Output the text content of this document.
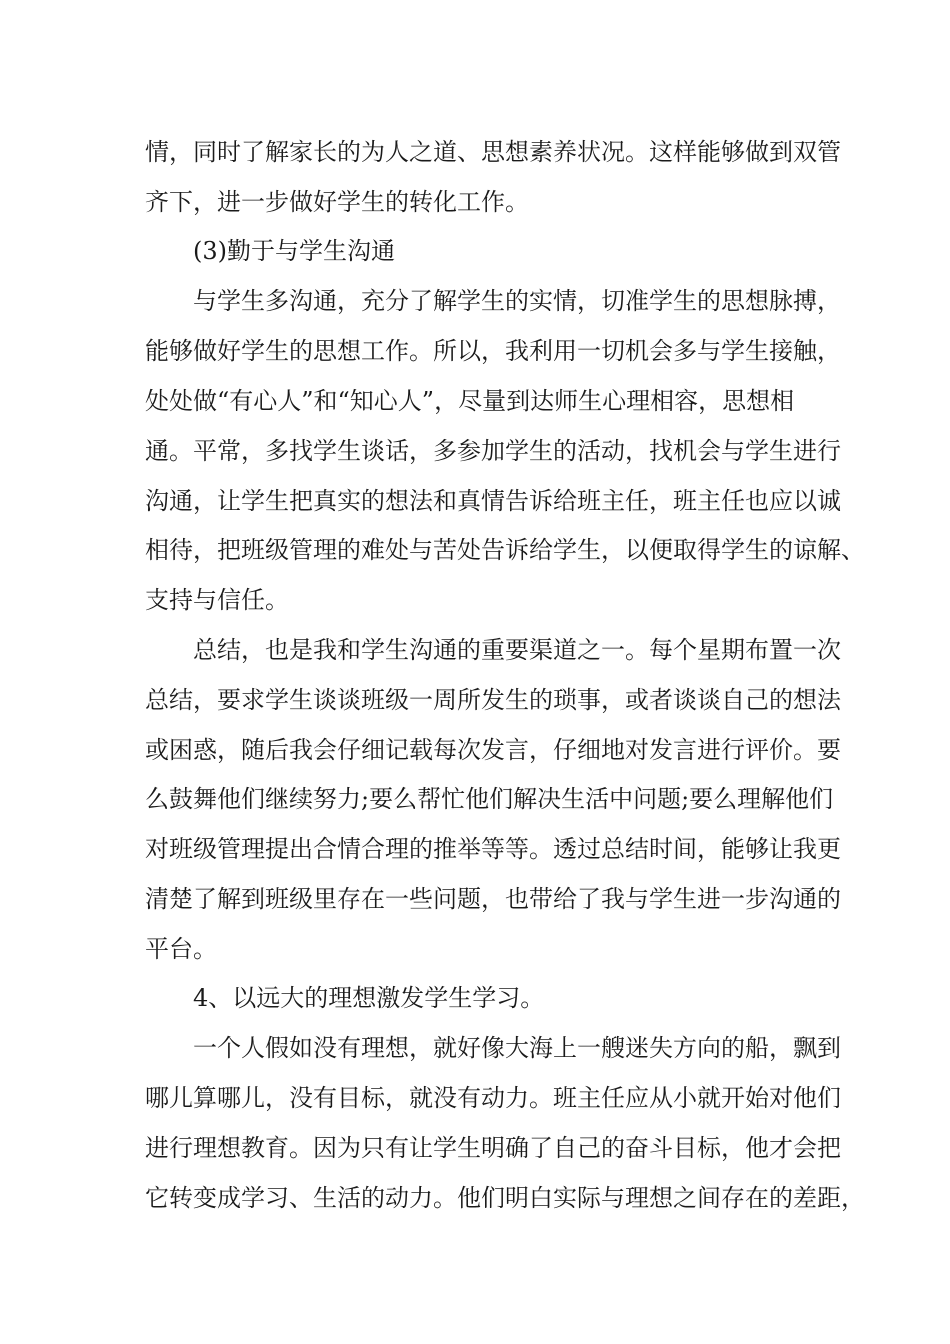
情，同时了解家长的为人之道、思想素养状况。这样能够做到双管
齐下，进一步做好学生的转化工作。
(3)勤于与学生沟通
与学生多沟通，充分了解学生的实情，切准学生的思想脉搏，
能够做好学生的思想工作。所以，我利用一切机会多与学生接触，
处处做“有心人”和“知心人”，尽量到达师生心理相容，思想相
通。平常，多找学生谈话，多参加学生的活动，找机会与学生进行
沟通，让学生把真实的想法和真情告诉给班主任，班主任也应以诚
相待，把班级管理的难处与苦处告诉给学生，以便取得学生的谅解、
支持与信任。
总结，也是我和学生沟通的重要渠道之一。每个星期布置一次
总结，要求学生谈谈班级一周所发生的琐事，或者谈谈自己的想法
或困惑，随后我会仔细记载每次发言，仔细地对发言进行评价。要
么鼓舞他们继续努力;要么帮忙他们解决生活中问题;要么理解他们
对班级管理提出合情合理的推举等等。透过总结时间，能够让我更
清楚了解到班级里存在一些问题，也带给了我与学生进一步沟通的
平台。
4、以远大的理想激发学生学习。
一个人假如没有理想，就好像大海上一艘迷失方向的船，飘到
哪儿算哪儿，没有目标，就没有动力。班主任应从小就开始对他们
进行理想教育。因为只有让学生明确了自己的奋斗目标，他才会把
它转变成学习、生活的动力。他们明白实际与理想之间存在的差距，
